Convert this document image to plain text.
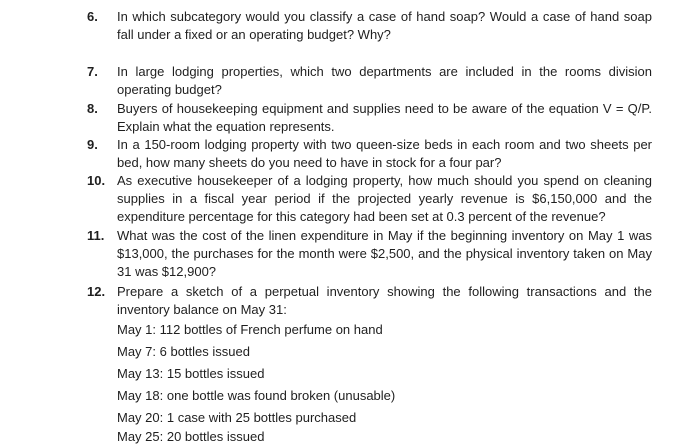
6.	In which subcategory would you classify a case of hand soap? Would a case of hand soap fall under a fixed or an operating budget? Why?
7.	In large lodging properties, which two departments are included in the rooms division operating budget?
8.	Buyers of housekeeping equipment and supplies need to be aware of the equation V = Q/P. Explain what the equation represents.
9.	In a 150-room lodging property with two queen-size beds in each room and two sheets per bed, how many sheets do you need to have in stock for a four par?
10. As executive housekeeper of a lodging property, how much should you spend on cleaning supplies in a fiscal year period if the projected yearly revenue is $6,150,000 and the expenditure percentage for this category had been set at 0.3 percent of the revenue?
11. What was the cost of the linen expenditure in May if the beginning inventory on May 1 was $13,000, the purchases for the month were $2,500, and the physical inventory taken on May 31 was $12,900?
12. Prepare a sketch of a perpetual inventory showing the following transactions and the inventory balance on May 31:
May 1: 112 bottles of French perfume on hand
May 7: 6 bottles issued
May 13: 15 bottles issued
May 18: one bottle was found broken (unusable)
May 20: 1 case with 25 bottles purchased
May 25: 20 bottles issued
